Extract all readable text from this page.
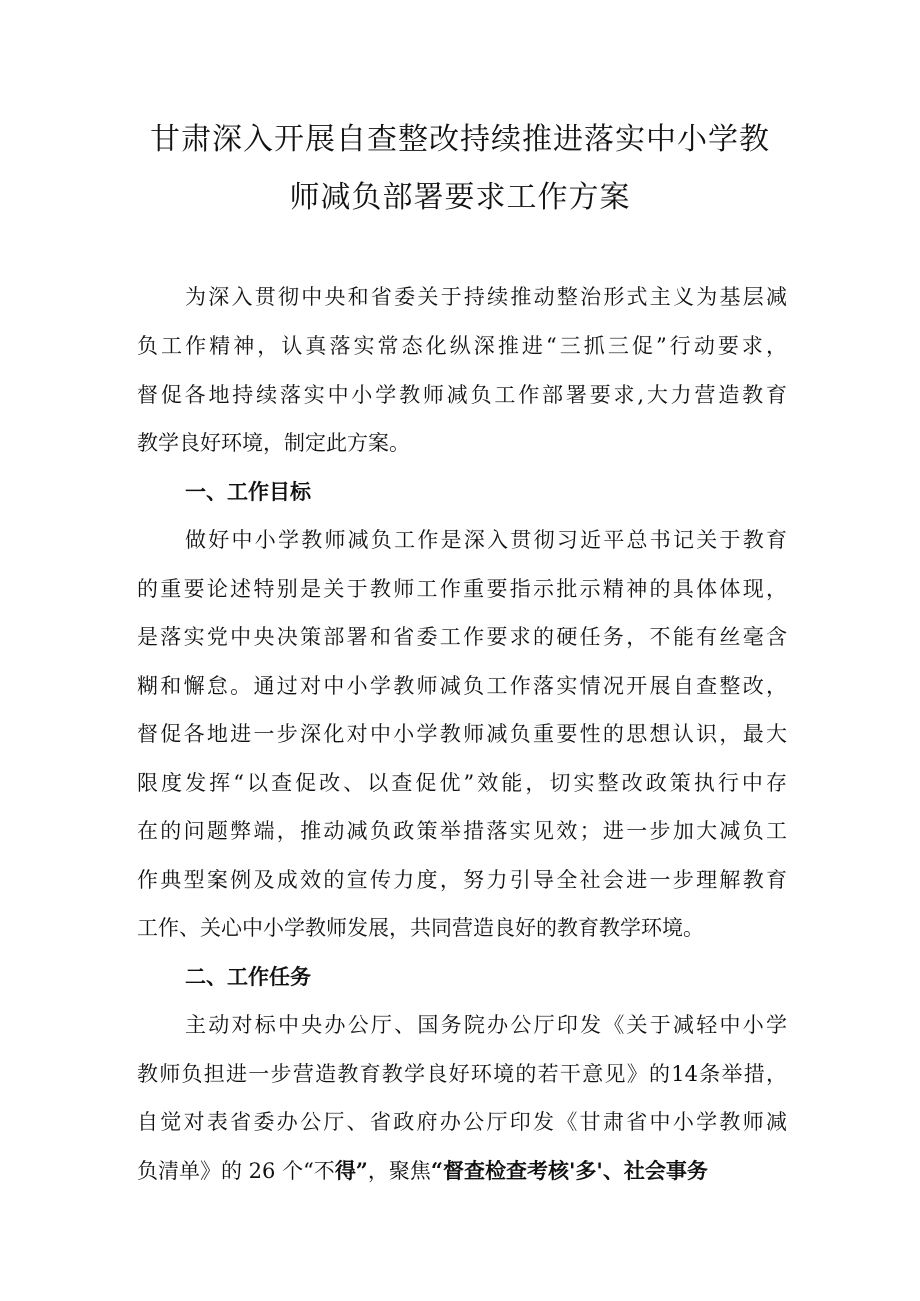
甘肃深入开展自查整改持续推进落实中小学教
师减负部署要求工作方案
为深入贯彻中央和省委关于持续推动整治形式主义为基层减
负工作精神，认真落实常态化纵深推进“三抓三促”行动要求，
督促各地持续落实中小学教师减负工作部署要求,大力营造教育
教学良好环境，制定此方案。
一、工作目标
做好中小学教师减负工作是深入贯彻习近平总书记关于教育
的重要论述特别是关于教师工作重要指示批示精神的具体体现，
是落实党中央决策部署和省委工作要求的硬任务，不能有丝毫含
糊和懈怠。通过对中小学教师减负工作落实情况开展自查整改，
督促各地进一步深化对中小学教师减负重要性的思想认识，最大
限度发挥“以查促改、以查促优”效能，切实整改政策执行中存
在的问题弊端，推动减负政策举措落实见效；进一步加大减负工
作典型案例及成效的宣传力度，努力引导全社会进一步理解教育
工作、关心中小学教师发展，共同营造良好的教育教学环境。
二、工作任务
主动对标中央办公厅、国务院办公厅印发《关于减轻中小学
教师负担进一步营造教育教学良好环境的若干意见》的14条举措，
自觉对表省委办公厅、省政府办公厅印发《甘肃省中小学教师减
负清单》的 26 个“不得”，聚焦“督查检查考核'多'、社会事务
